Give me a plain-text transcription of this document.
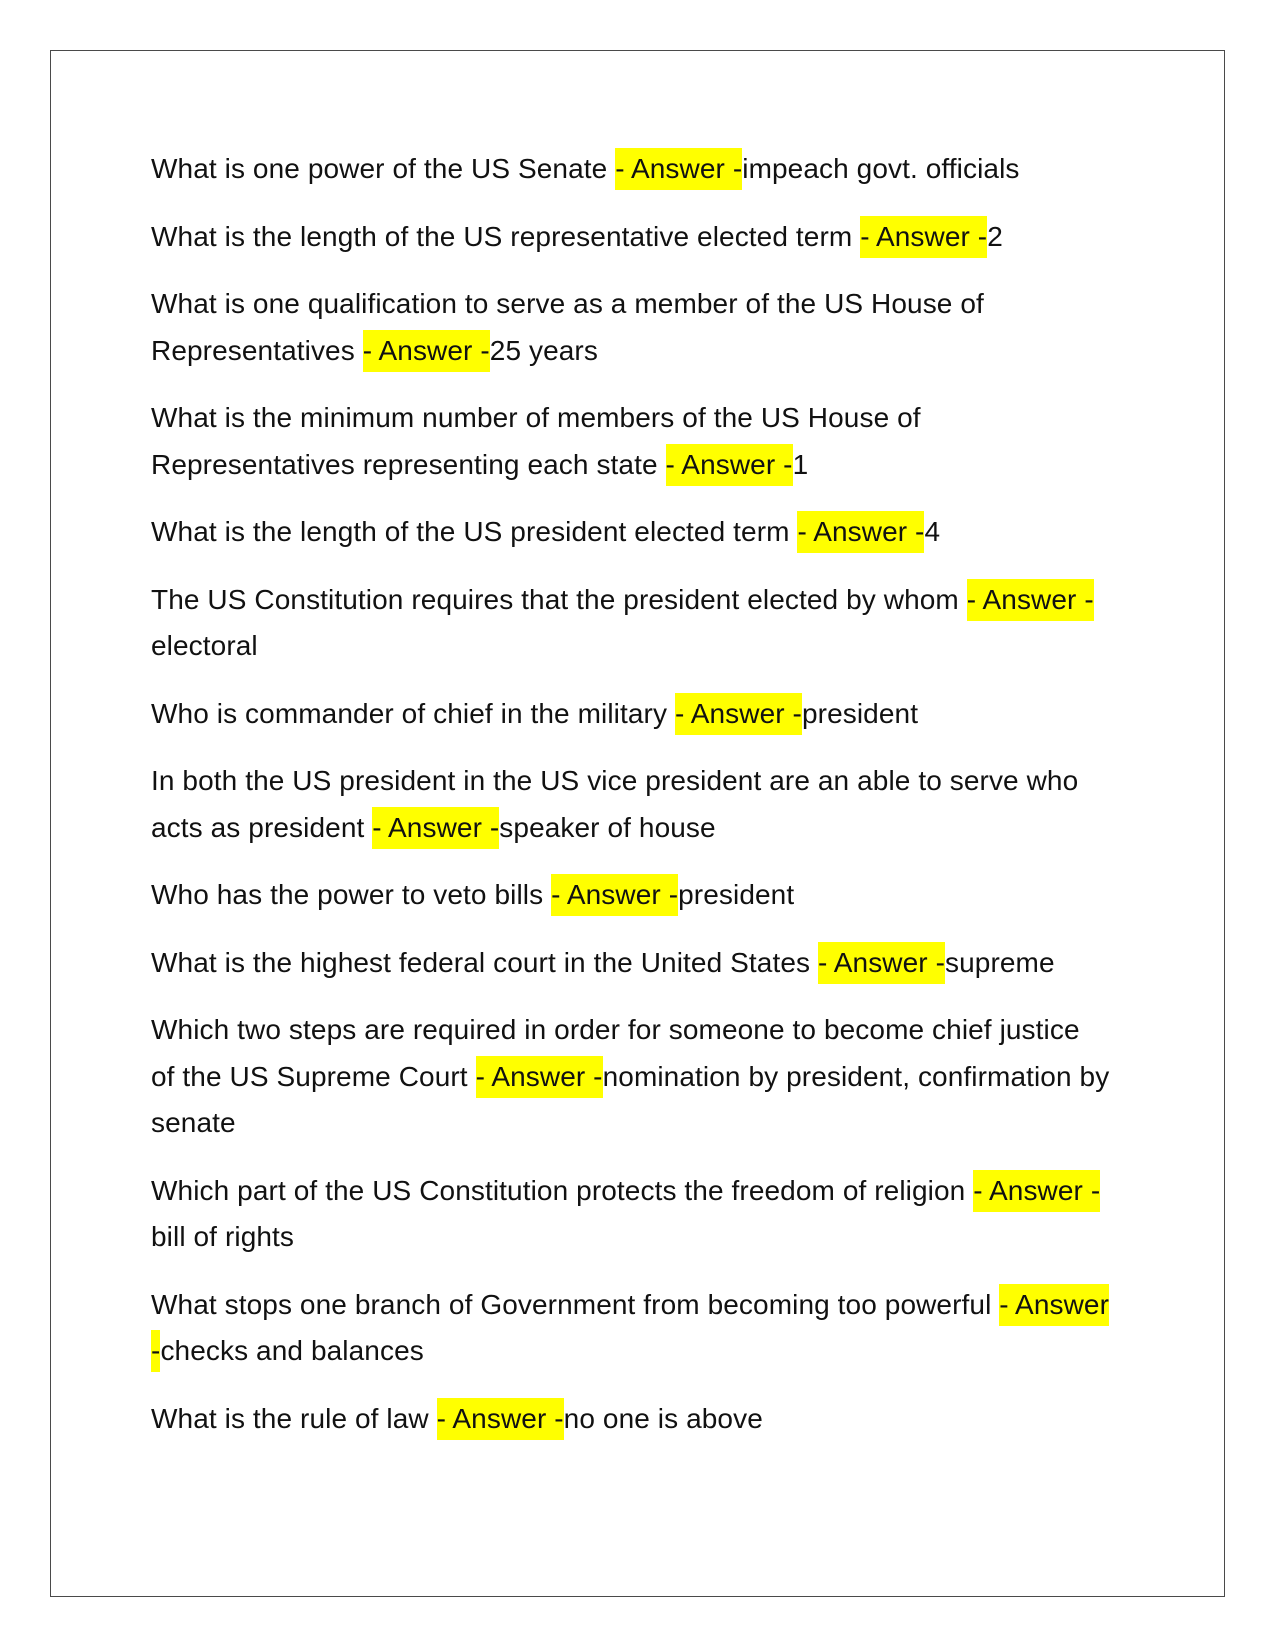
What is one power of the US Senate - Answer -impeach govt. officials

What is the length of the US representative elected term - Answer -2

What is one qualification to serve as a member of the US House of Representatives - Answer -25 years

What is the minimum number of members of the US House of Representatives representing each state - Answer -1

What is the length of the US president elected term - Answer -4

The US Constitution requires that the president elected by whom - Answer -electoral

Who is commander of chief in the military - Answer -president

In both the US president in the US vice president are an able to serve who acts as president - Answer -speaker of house

Who has the power to veto bills - Answer -president

What is the highest federal court in the United States - Answer -supreme

Which two steps are required in order for someone to become chief justice of the US Supreme Court - Answer -nomination by president, confirmation by senate

Which part of the US Constitution protects the freedom of religion - Answer -bill of rights

What stops one branch of Government from becoming too powerful - Answer -checks and balances

What is the rule of law - Answer -no one is above
